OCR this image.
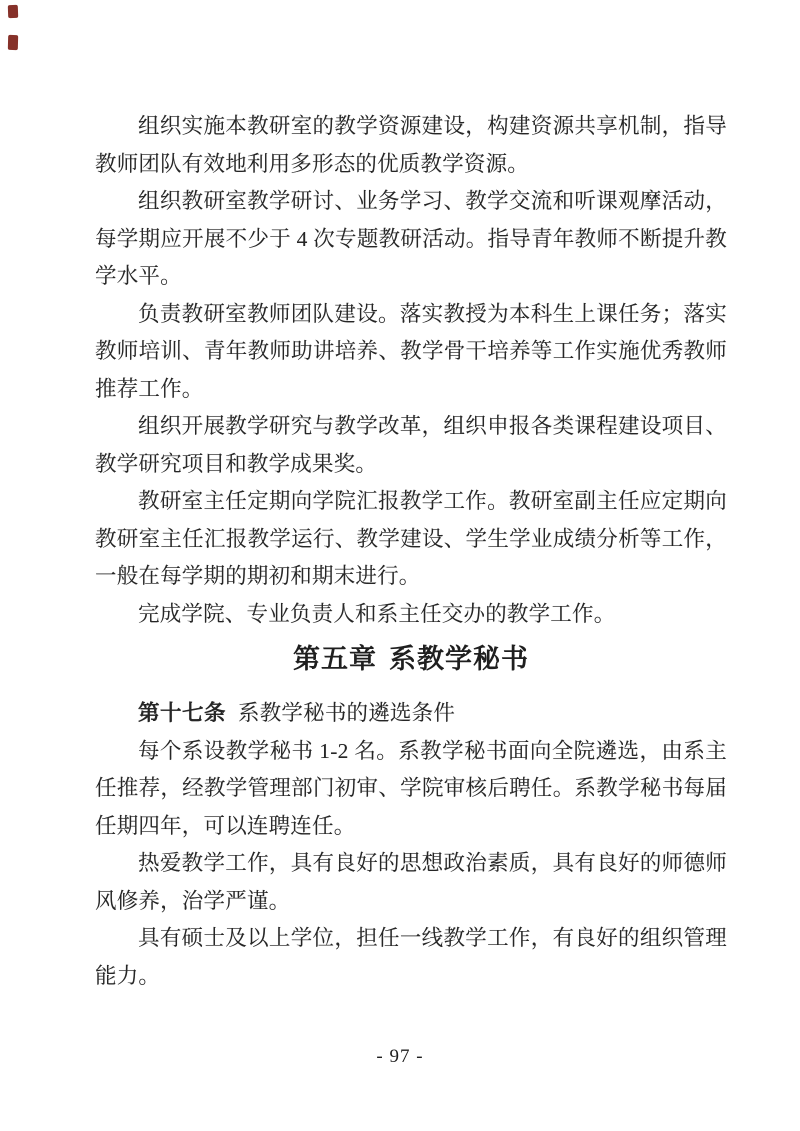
组织实施本教研室的教学资源建设，构建资源共享机制，指导教师团队有效地利用多形态的优质教学资源。

组织教研室教学研讨、业务学习、教学交流和听课观摩活动，每学期应开展不少于 4 次专题教研活动。指导青年教师不断提升教学水平。

负责教研室教师团队建设。落实教授为本科生上课任务；落实教师培训、青年教师助讲培养、教学骨干培养等工作实施优秀教师推荐工作。

组织开展教学研究与教学改革，组织申报各类课程建设项目、教学研究项目和教学成果奖。

教研室主任定期向学院汇报教学工作。教研室副主任应定期向教研室主任汇报教学运行、教学建设、学生学业成绩分析等工作，一般在每学期的期初和期末进行。

完成学院、专业负责人和系主任交办的教学工作。

第五章 系教学秘书

第十七条 系教学秘书的遴选条件

每个系设教学秘书 1-2 名。系教学秘书面向全院遴选，由系主任推荐，经教学管理部门初审、学院审核后聘任。系教学秘书每届任期四年，可以连聘连任。

热爱教学工作，具有良好的思想政治素质，具有良好的师德师风修养，治学严谨。

具有硕士及以上学位，担任一线教学工作，有良好的组织管理能力。

- 97 -
